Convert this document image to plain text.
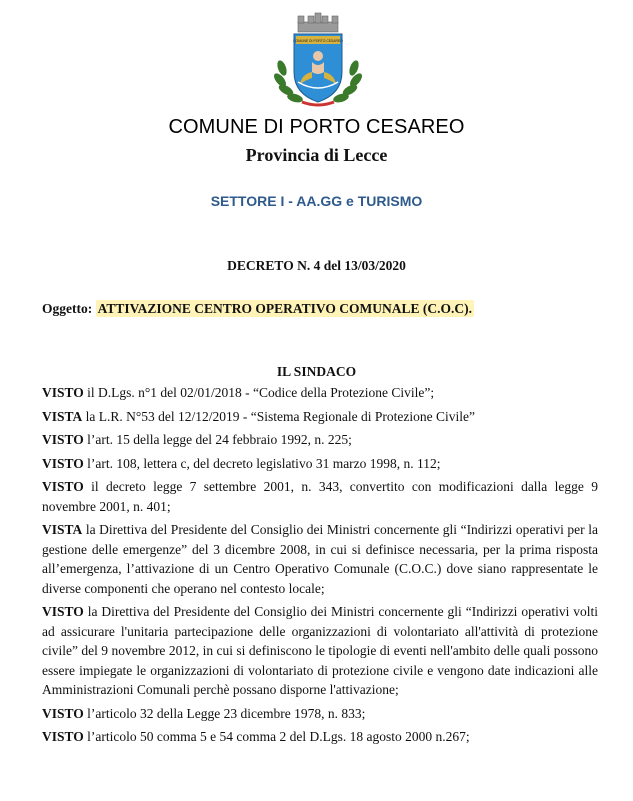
COMUNE DI PORTO CESAREO
COMUNE DI PORTO CESAREO
Provincia di Lecce
SETTORE I - AA.GG e TURISMO
DECRETO N. 4 del 13/03/2020
Oggetto: ATTIVAZIONE CENTRO OPERATIVO COMUNALE (C.O.C).
IL SINDACO

VISTO il D.Lgs. n°1 del 02/01/2018 - “Codice della Protezione Civile”;

VISTA la L.R. N°53 del 12/12/2019 - “Sistema Regionale di Protezione Civile”

VISTO l’art. 15 della legge del 24 febbraio 1992, n. 225;

VISTO l’art. 108, lettera c, del decreto legislativo 31 marzo 1998, n. 112;

VISTO il decreto legge 7 settembre 2001, n. 343, convertito con modificazioni dalla legge 9 novembre 2001, n. 401;

VISTA la Direttiva del Presidente del Consiglio dei Ministri concernente gli “Indirizzi operativi per la gestione delle emergenze” del 3 dicembre 2008, in cui si definisce necessaria, per la prima risposta all’emergenza, l’attivazione di un Centro Operativo Comunale (C.O.C.) dove siano rappresentate le diverse componenti che operano nel contesto locale;

VISTO la Direttiva del Presidente del Consiglio dei Ministri concernente gli “Indirizzi operativi volti ad assicurare l'unitaria partecipazione delle organizzazioni di volontariato all'attività di protezione civile” del 9 novembre 2012, in cui si definiscono le tipologie di eventi nell'ambito delle quali possono essere impiegate le organizzazioni di volontariato di protezione civile e vengono date indicazioni alle Amministrazioni Comunali perchè possano disporne l'attivazione;

VISTO l’articolo 32 della Legge 23 dicembre 1978, n. 833;

VISTO l’articolo 50 comma 5 e 54 comma 2 del D.Lgs. 18 agosto 2000 n.267;
